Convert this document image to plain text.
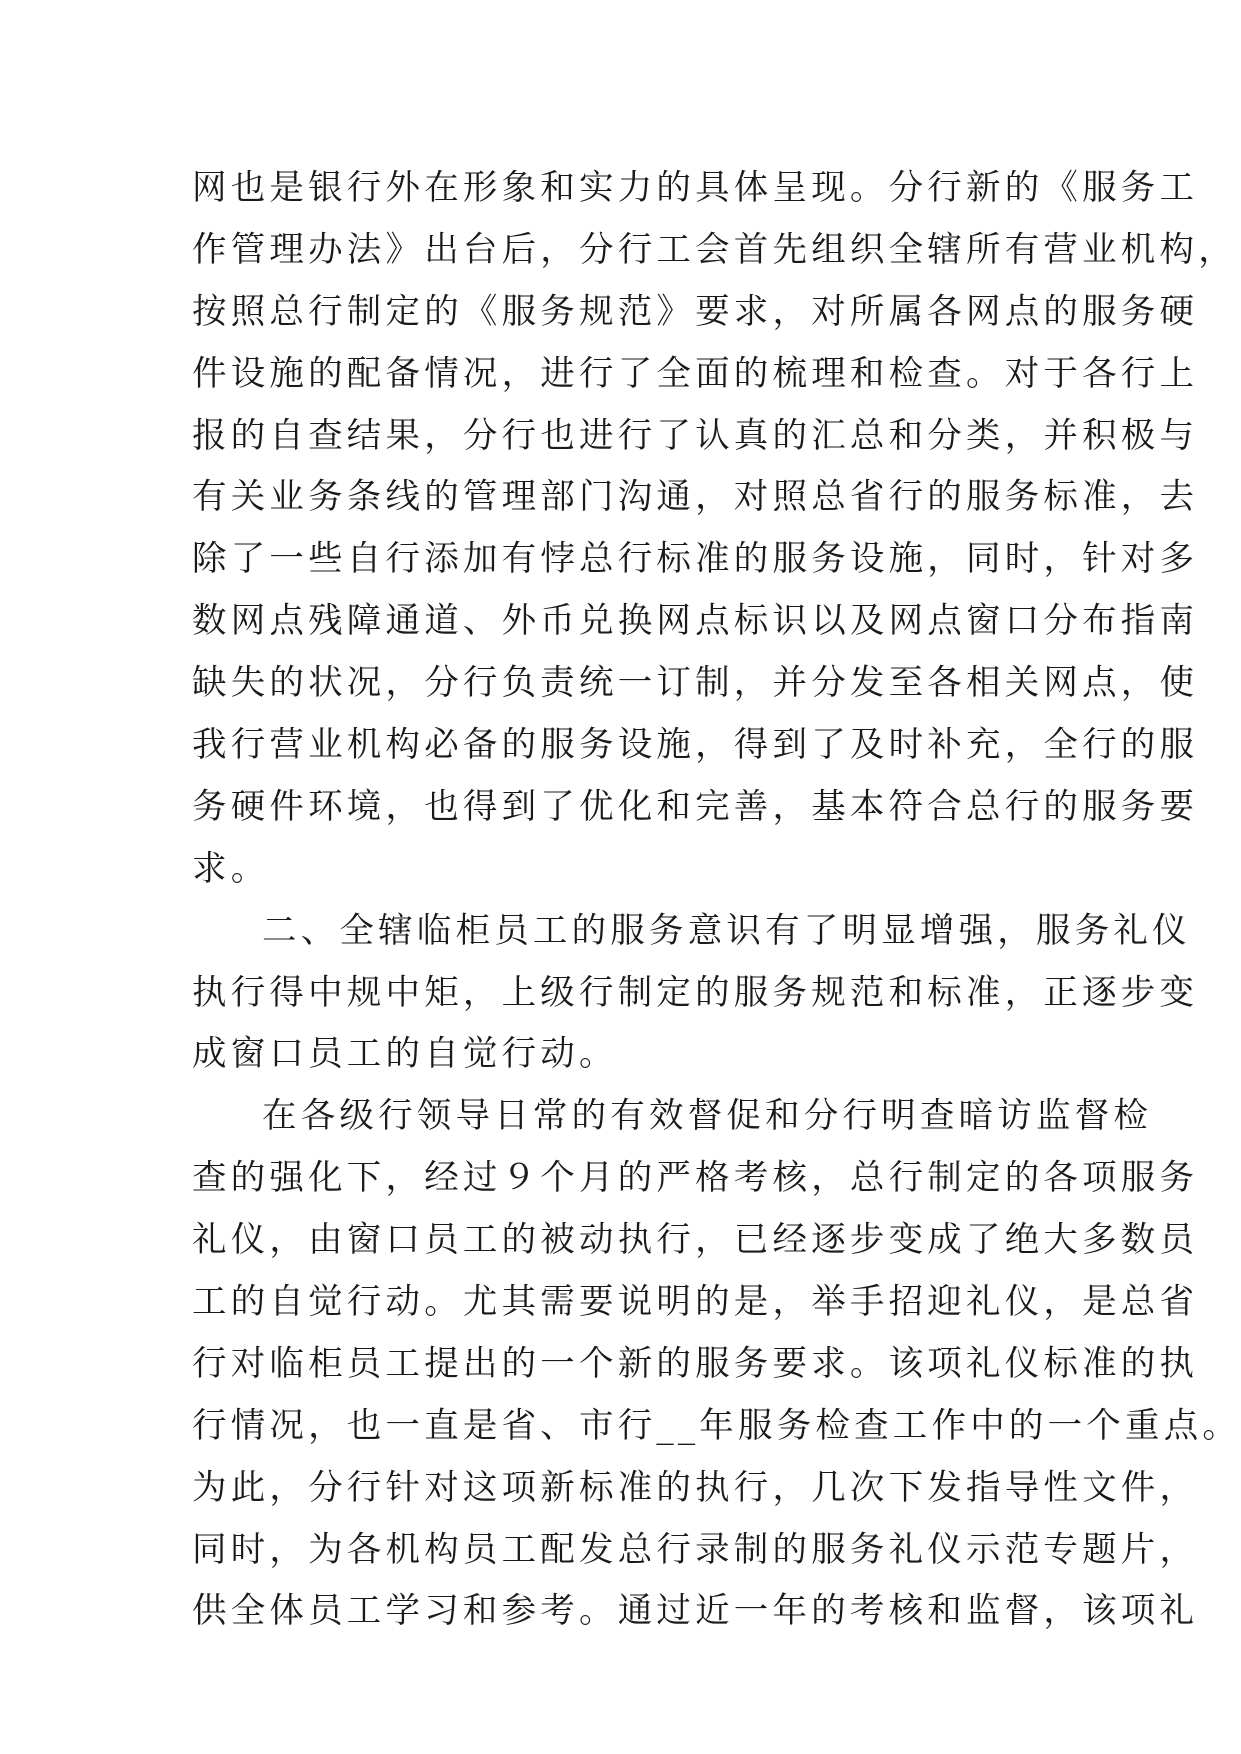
网也是银行外在形象和实力的具体呈现。分行新的《服务工
作管理办法》出台后，分行工会首先组织全辖所有营业机构，
按照总行制定的《服务规范》要求，对所属各网点的服务硬
件设施的配备情况，进行了全面的梳理和检查。对于各行上
报的自查结果，分行也进行了认真的汇总和分类，并积极与
有关业务条线的管理部门沟通，对照总省行的服务标准，去
除了一些自行添加有悖总行标准的服务设施，同时，针对多
数网点残障通道、外币兑换网点标识以及网点窗口分布指南
缺失的状况，分行负责统一订制，并分发至各相关网点，使
我行营业机构必备的服务设施，得到了及时补充，全行的服
务硬件环境，也得到了优化和完善，基本符合总行的服务要
求。
二、全辖临柜员工的服务意识有了明显增强，服务礼仪
执行得中规中矩，上级行制定的服务规范和标准，正逐步变
成窗口员工的自觉行动。
在各级行领导日常的有效督促和分行明查暗访监督检
查的强化下，经过９个月的严格考核，总行制定的各项服务
礼仪，由窗口员工的被动执行，已经逐步变成了绝大多数员
工的自觉行动。尤其需要说明的是，举手招迎礼仪，是总省
行对临柜员工提出的一个新的服务要求。该项礼仪标准的执
行情况，也一直是省、市行__年服务检查工作中的一个重点。
为此，分行针对这项新标准的执行，几次下发指导性文件，
同时，为各机构员工配发总行录制的服务礼仪示范专题片，
供全体员工学习和参考。通过近一年的考核和监督，该项礼
